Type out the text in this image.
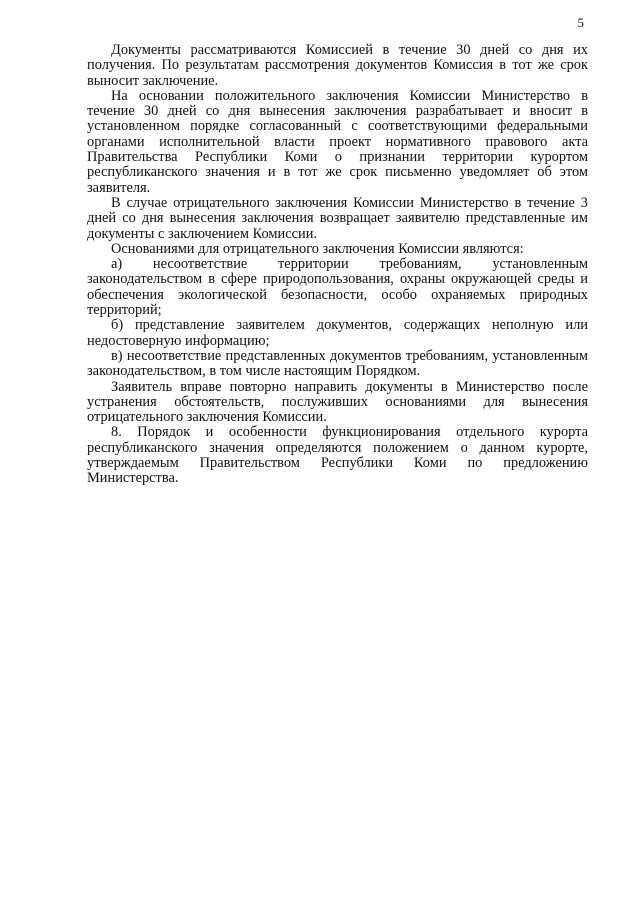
5

Документы рассматриваются Комиссией в течение 30 дней со дня их получения. По результатам рассмотрения документов Комиссия в тот же срок выносит заключение.

На основании положительного заключения Комиссии Министерство в течение 30 дней со дня вынесения заключения разрабатывает и вносит в установленном порядке согласованный с соответствующими федеральными органами исполнительной власти проект нормативного правового акта Правительства Республики Коми о признании территории курортом республиканского значения и в тот же срок письменно уведомляет об этом заявителя.

В случае отрицательного заключения Комиссии Министерство в течение 3 дней со дня вынесения заключения возвращает заявителю представленные им документы с заключением Комиссии.

Основаниями для отрицательного заключения Комиссии являются:

а) несоответствие территории требованиям, установленным законодательством в сфере природопользования, охраны окружающей среды и обеспечения экологической безопасности, особо охраняемых природных территорий;

б) представление заявителем документов, содержащих неполную или недостоверную информацию;

в) несоответствие представленных документов требованиям, установленным законодательством, в том числе настоящим Порядком.

Заявитель вправе повторно направить документы в Министерство после устранения обстоятельств, послуживших основаниями для вынесения отрицательного заключения Комиссии.

8. Порядок и особенности функционирования отдельного курорта республиканского значения определяются положением о данном курорте, утверждаемым Правительством Республики Коми по предложению Министерства.
